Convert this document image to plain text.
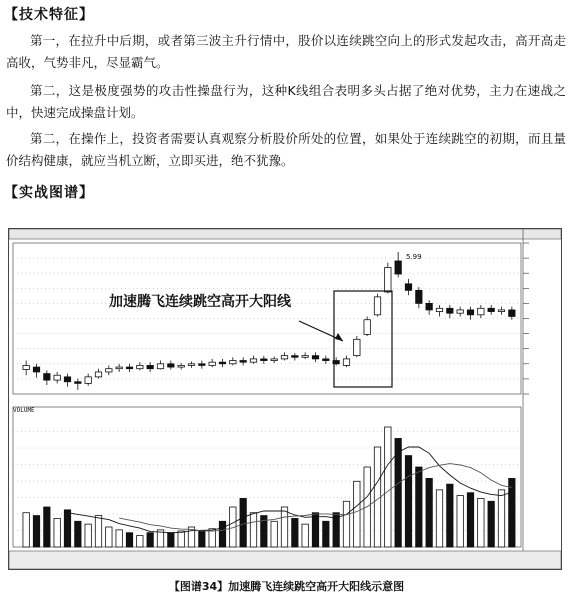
【技术特征】
第一，在拉升中后期，或者第三波主升行情中，股价以连续跳空向上的形式发起攻击，高开高走高收，气势非凡，尽显霸气。
第二，这是极度强势的攻击性操盘行为，这种K线组合表明多头占据了绝对优势，主力在速战之中，快速完成操盘计划。
第二，在操作上，投资者需要认真观察分析股价所处的位置，如果处于连续跳空的初期，而且量价结构健康，就应当机立断，立即买进，绝不犹豫。
【实战图谱】
加速腾飞连续跳空高开大阳线
5.99
VOLUME
【图谱34】加速腾飞连续跳空高开大阳线示意图
